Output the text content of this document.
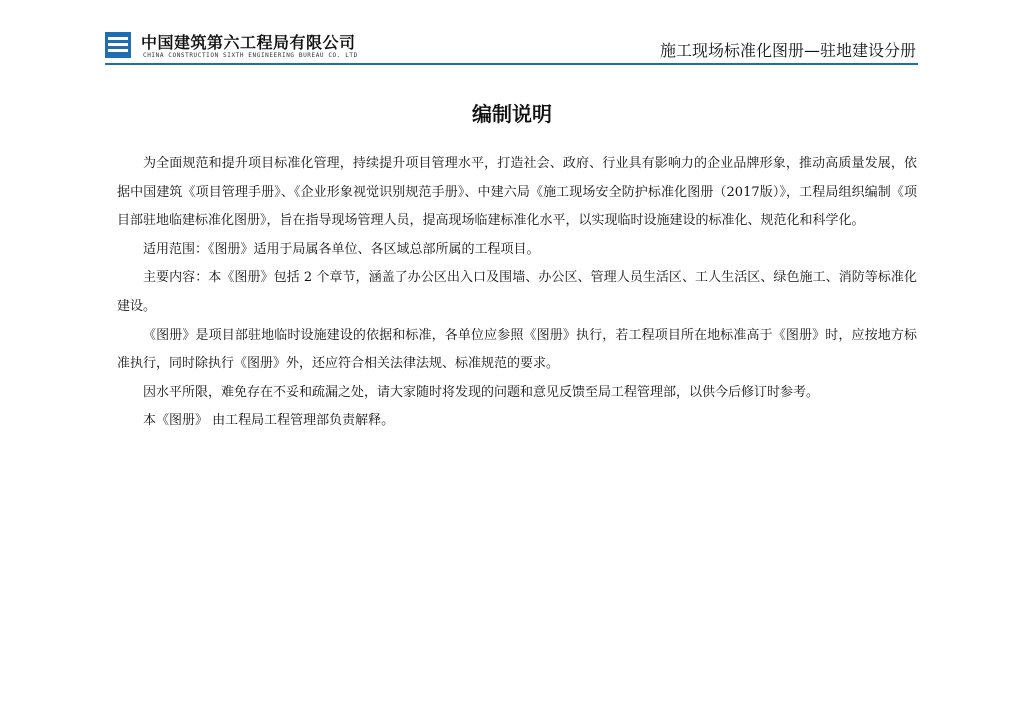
中国建筑第六工程局有限公司
CHINA CONSTRUCTION SIXTH ENGINEERING BUREAU CO. LTD	施工现场标准化图册—驻地建设分册
编制说明

为全面规范和提升项目标准化管理，持续提升项目管理水平，打造社会、政府、行业具有影响力的企业品牌形象，推动高质量发展，依据中国建筑《项目管理手册》、《企业形象视觉识别规范手册》、中建六局《施工现场安全防护标准化图册（2017版）》，工程局组织编制《项目部驻地临建标准化图册》，旨在指导现场管理人员，提高现场临建标准化水平，以实现临时设施建设的标准化、规范化和科学化。

适用范围：《图册》适用于局属各单位、各区域总部所属的工程项目。

主要内容：本《图册》包括 2 个章节，涵盖了办公区出入口及围墙、办公区、管理人员生活区、工人生活区、绿色施工、消防等标准化建设。

《图册》是项目部驻地临时设施建设的依据和标准，各单位应参照《图册》执行，若工程项目所在地标准高于《图册》时，应按地方标准执行，同时除执行《图册》外，还应符合相关法律法规、标准规范的要求。

因水平所限，难免存在不妥和疏漏之处，请大家随时将发现的问题和意见反馈至局工程管理部，以供今后修订时参考。

本《图册》 由工程局工程管理部负责解释。
